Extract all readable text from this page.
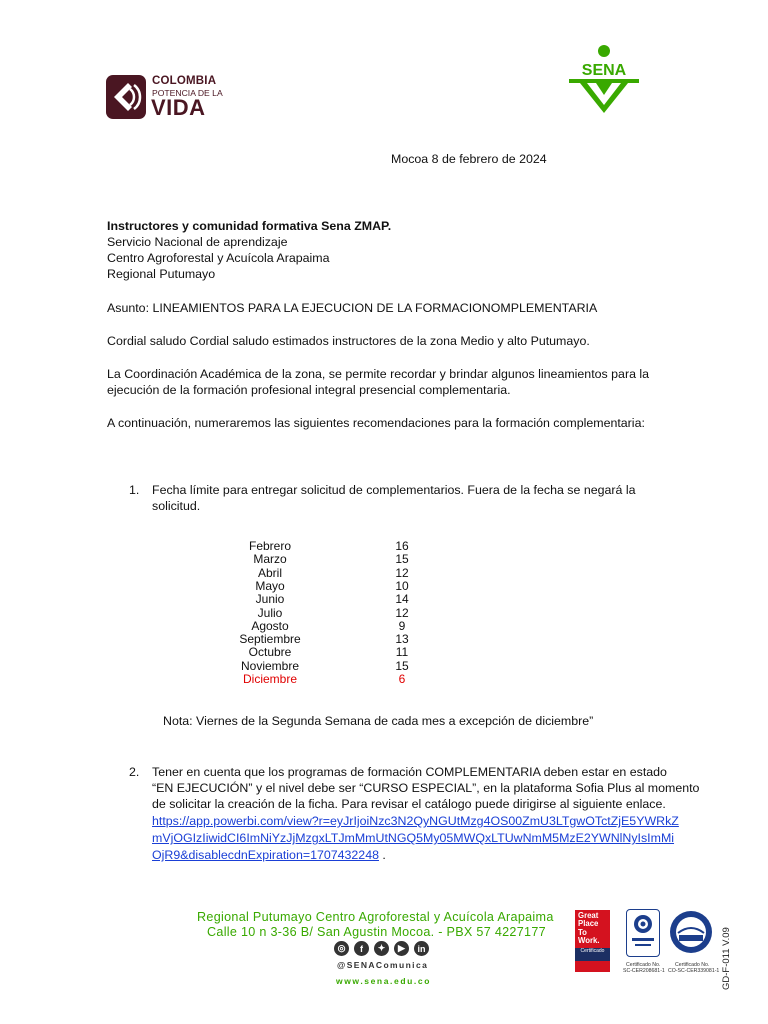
COLOMBIA
POTENCIA DE LA
VIDA
SENA
Mocoa 8 de febrero de 2024
Instructores y comunidad formativa Sena ZMAP.
Servicio Nacional de aprendizaje
Centro Agroforestal y Acuícola Arapaima
Regional Putumayo
Asunto: LINEAMIENTOS PARA LA EJECUCION DE LA FORMACIONOMPLEMENTARIA
Cordial saludo Cordial saludo estimados instructores de la zona Medio y alto Putumayo.
La Coordinación Académica de la zona, se permite recordar y brindar algunos lineamientos para la
ejecución de la formación profesional integral presencial complementaria.
A continuación, numeraremos las siguientes recomendaciones para la formación complementaria:
1. Fecha límite para entregar solicitud de complementarios. Fuera de la fecha se negará la
solicitud.
Febrero	16
Marzo	15
Abril	12
Mayo	10
Junio	14
Julio	12
Agosto	9
Septiembre	13
Octubre	11
Noviembre	15
Diciembre	6
Nota: Viernes de la Segunda Semana de cada mes a excepción de diciembre”
2. Tener en cuenta que los programas de formación COMPLEMENTARIA deben estar en estado
“EN EJECUCIÓN” y el nivel debe ser “CURSO ESPECIAL”, en la plataforma Sofia Plus al momento
de solicitar la creación de la ficha. Para revisar el catálogo puede dirigirse al siguiente enlace.
https://app.powerbi.com/view?r=eyJrIjoiNzc3N2QyNGUtMzg4OS00ZmU3LTgwOTctZjE5YWRkZ
mVjOGIzIiwidCI6ImNiYzJjMzgxLTJmMmUtNGQ5My05MWQxLTUwNmM5MzE2YWNlNyIsImMi
OjR9&disablecdnExpiration=1707432248 .
Regional Putumayo Centro Agroforestal y Acuícola Arapaima
Calle 10 n 3-36 B/ San Agustin Mocoa. - PBX 57 4227177
◎	f	✦	▶	in
@SENAComunica
www.sena.edu.co
Great
Place
To
Work.
Certificado
Certificado No.
SC-CER208681-1
Certificado No.
CO-SC-CER339081-1 GD-F-011 V.09
